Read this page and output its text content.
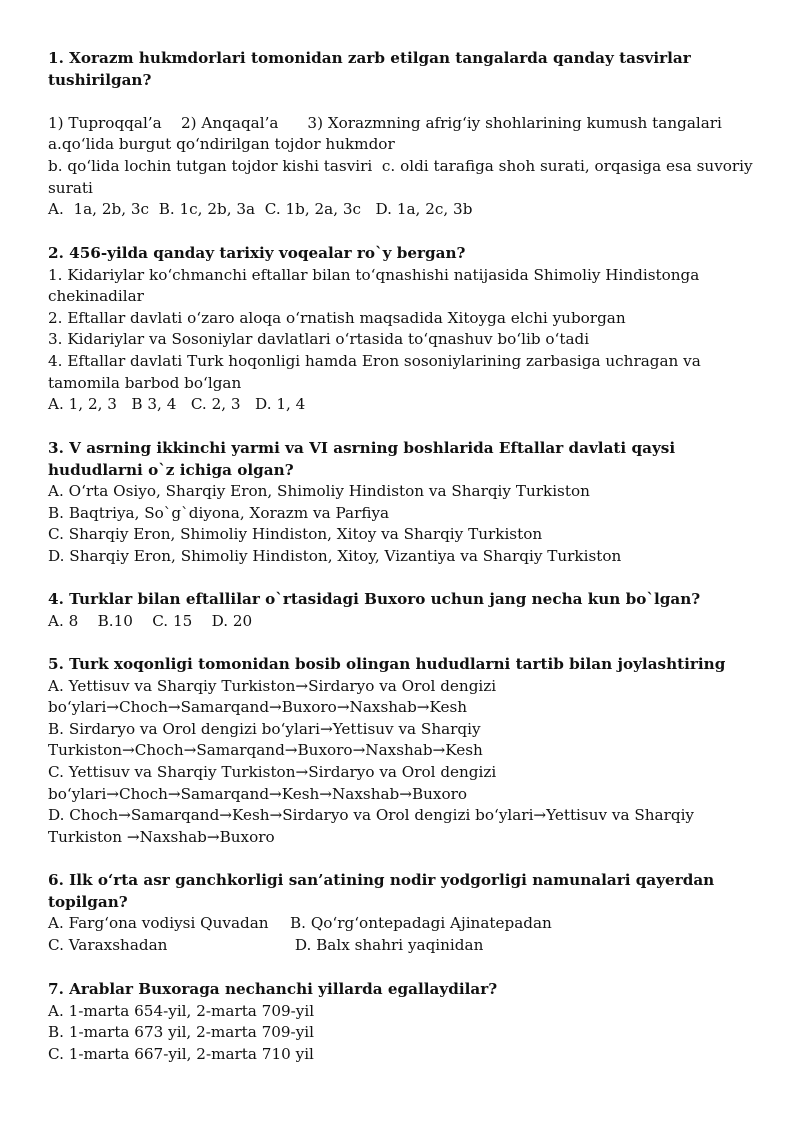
1. Xorazm hukmdorlari tomonidan zarb etilgan tangalarda qanday tasvirlar tushirilgan?

1) Tuproqqal’a    2) Anqaqal’a      3) Xorazmning afrigʻiy shohlarining kumush tangalari

a.qoʻlida burgut qoʻndirilgan tojdor hukmdor

b. qoʻlida lochin tutgan tojdor kishi tasviri  c. oldi tarafiga shoh surati, orqasiga esa suvoriy surati

A.  1a, 2b, 3c  B. 1c, 2b, 3a  C. 1b, 2a, 3c   D. 1a, 2c, 3b

2. 456-yilda qanday tarixiy voqealar ro`y bergan?

1. Kidariylar koʻchmanchi eftallar bilan toʻqnashishi natijasida Shimoliy Hindistonga chekinadilar

2. Eftallar davlati oʻzaro aloqa oʻrnatish maqsadida Xitoyga elchi yuborgan

3. Kidariylar va Sosoniylar davlatlari oʻrtasida toʻqnashuv boʻlib oʻtadi

4. Eftallar davlati Turk hoqonligi hamda Eron sosoniylarining zarbasiga uchragan va tamomila barbod boʻlgan

A. 1, 2, 3   B 3, 4   C. 2, 3   D. 1, 4

3. V asrning ikkinchi yarmi va VI asrning boshlarida Eftallar davlati qaysi hududlarni o`z ichiga olgan?

A. Oʻrta Osiyo, Sharqiy Eron, Shimoliy Hindiston va Sharqiy Turkiston

B. Baqtriya, So`g`diyona, Xorazm va Parfiya

C. Sharqiy Eron, Shimoliy Hindiston, Xitoy va Sharqiy Turkiston

D. Sharqiy Eron, Shimoliy Hindiston, Xitoy, Vizantiya va Sharqiy Turkiston

4. Turklar bilan eftallilar o`rtasidagi Buxoro uchun jang necha kun bo`lgan?

A. 8    B.10    C. 15    D. 20

5. Turk xoqonligi tomonidan bosib olingan hududlarni tartib bilan joylashtiring

A. Yettisuv va Sharqiy Turkiston→Sirdaryo va Orol dengizi

boʻylari→Choch→Samarqand→Buxoro→Naxshab→Kesh

B. Sirdaryo va Orol dengizi boʻylari→Yettisuv va Sharqiy

Turkiston→Choch→Samarqand→Buxoro→Naxshab→Kesh

C. Yettisuv va Sharqiy Turkiston→Sirdaryo va Orol dengizi

boʻylari→Choch→Samarqand→Kesh→Naxshab→Buxoro

D. Choch→Samarqand→Kesh→Sirdaryo va Orol dengizi boʻylari→Yettisuv va Sharqiy

Turkiston →Naxshab→Buxoro

6. Ilk oʻrta asr ganchkorligi san’atining nodir yodgorligi namunalari qayerdan topilgan?

A. Fargʻona vodiysi Quvadan	B. Qoʻrgʻontepadagi Ajinatepadan
C. Varaxshadan	D. Balx shahri yaqinidan

7. Arablar Buxoraga nechanchi yillarda egallaydilar?

A. 1-marta 654-yil, 2-marta 709-yil

B. 1-marta 673 yil, 2-marta 709-yil

C. 1-marta 667-yil, 2-marta 710 yil
